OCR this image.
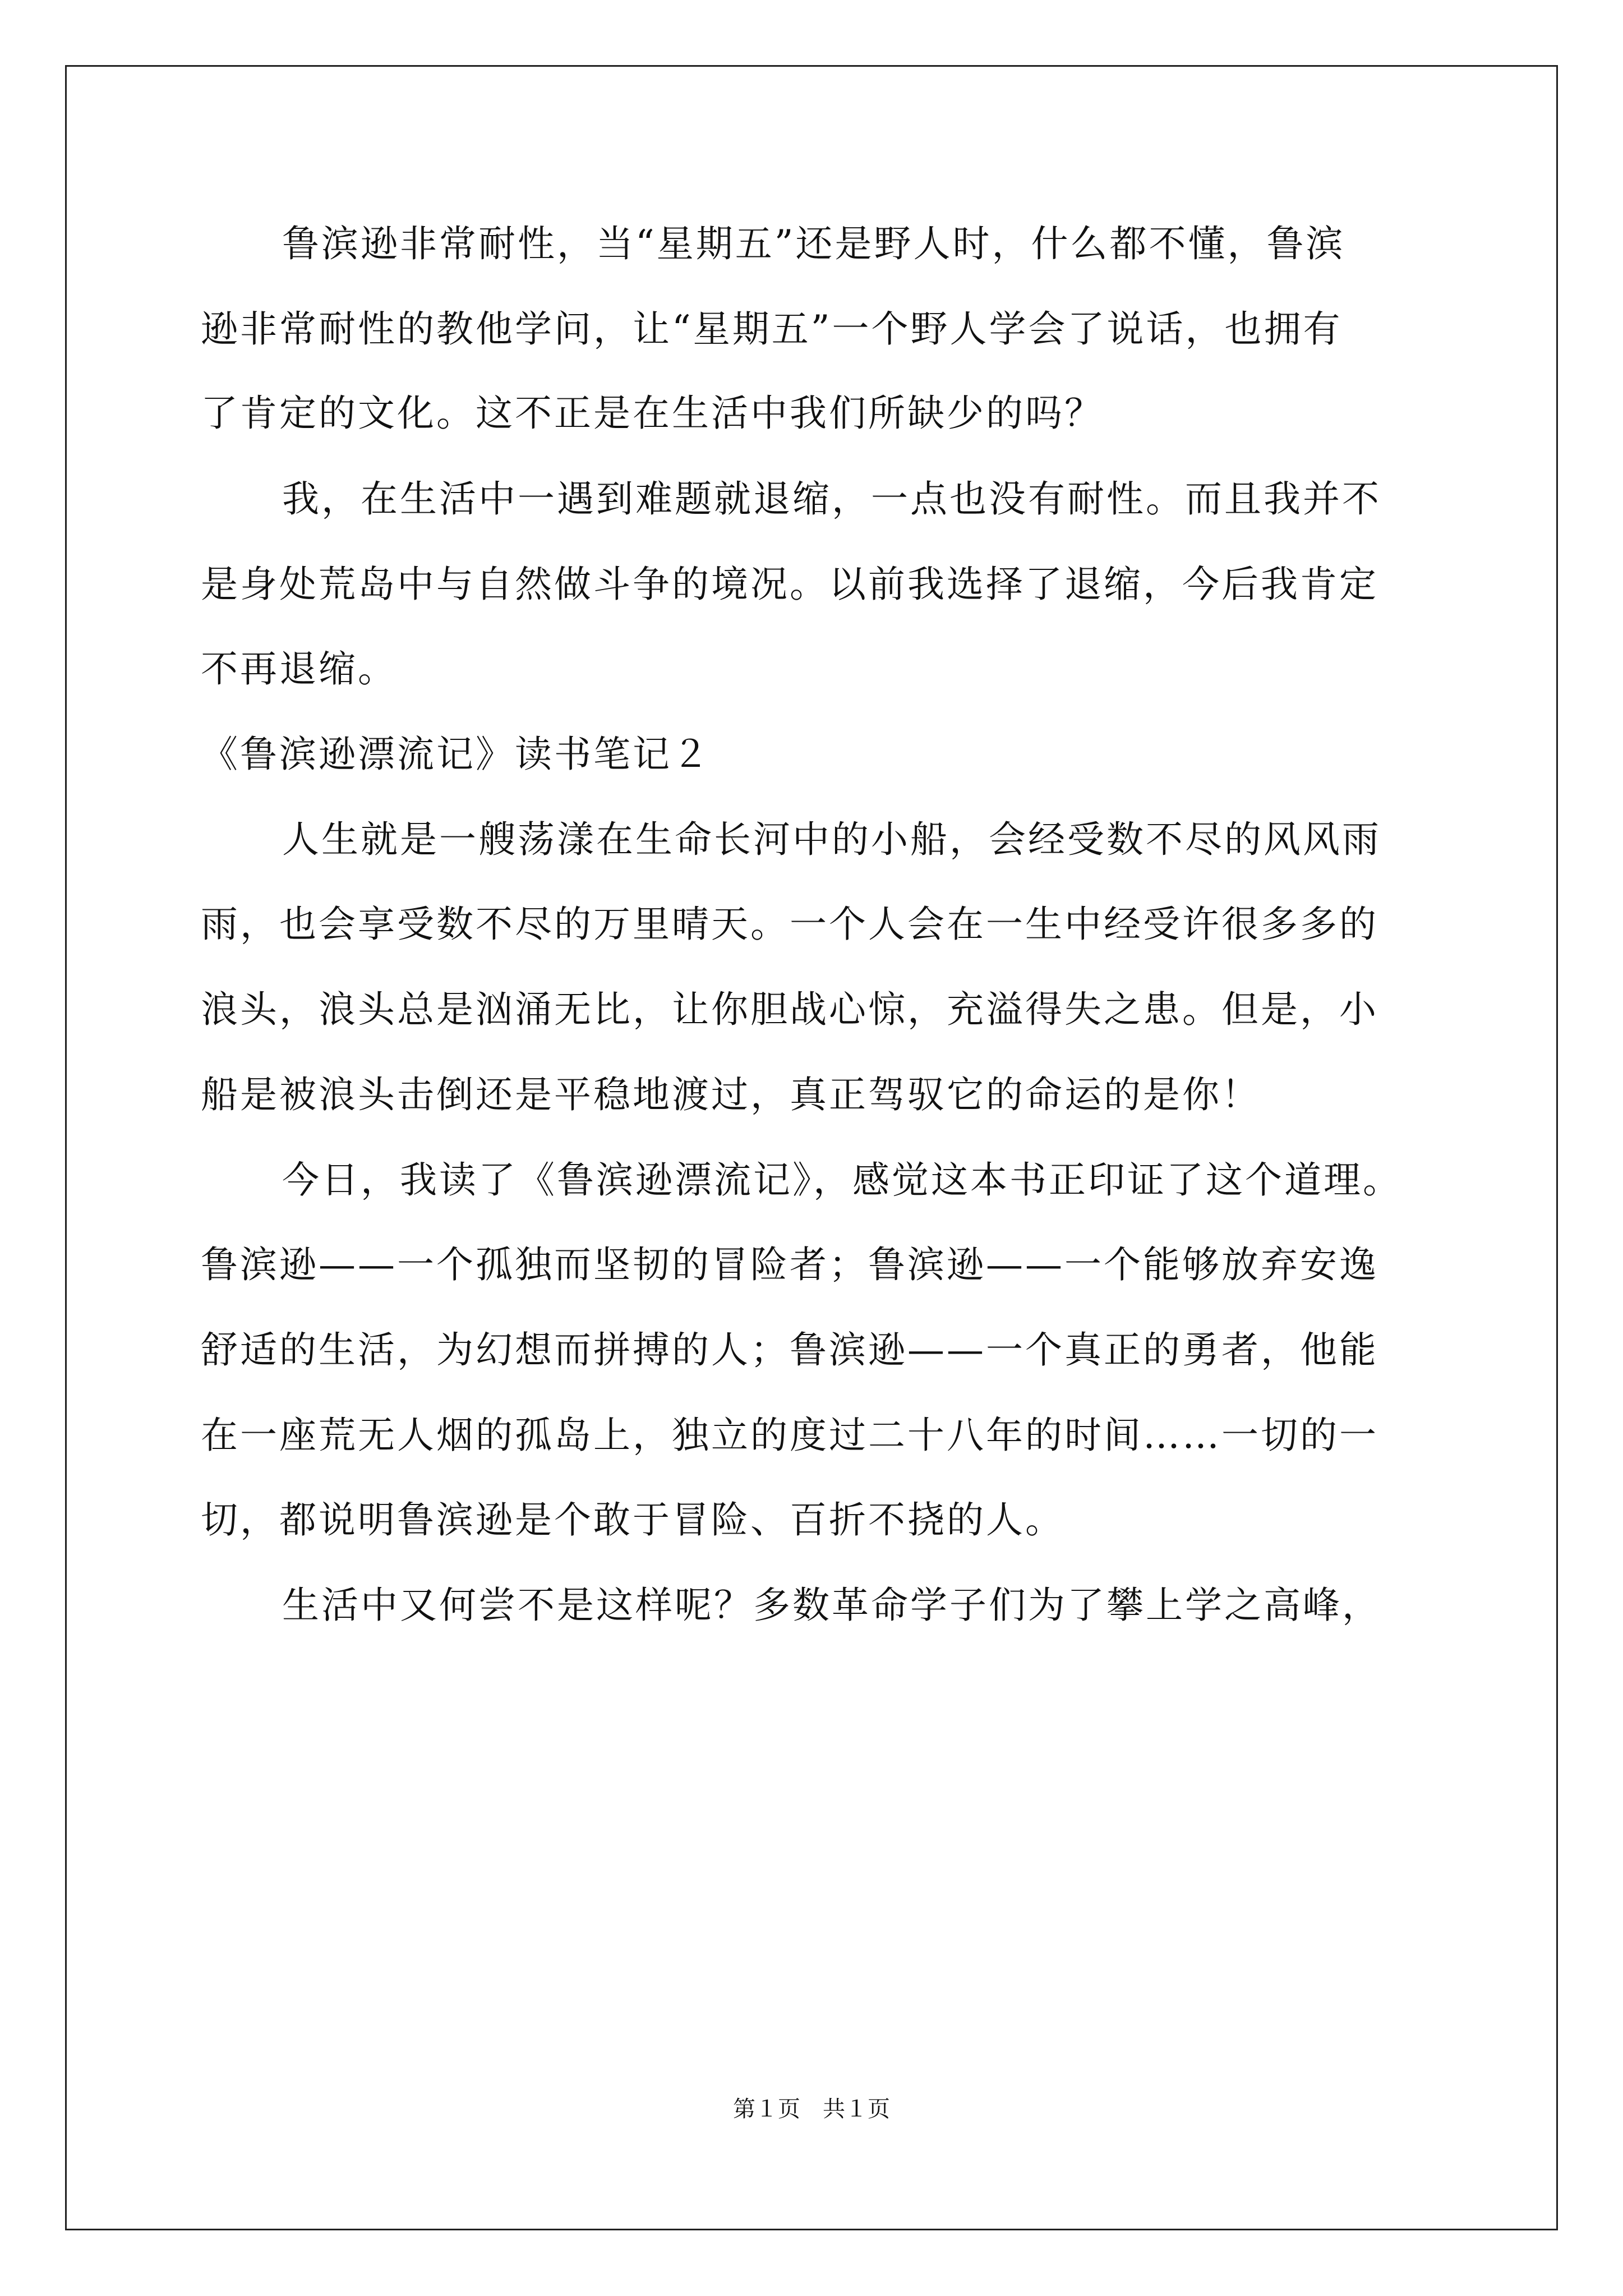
鲁滨逊非常耐性，当“星期五”还是野人时，什么都不懂，鲁滨
逊非常耐性的教他学问，让“星期五”一个野人学会了说话，也拥有
了肯定的文化。这不正是在生活中我们所缺少的吗？
我，在生活中一遇到难题就退缩，一点也没有耐性。而且我并不
是身处荒岛中与自然做斗争的境况。以前我选择了退缩，今后我肯定
不再退缩。
《鲁滨逊漂流记》读书笔记２
人生就是一艘荡漾在生命长河中的小船，会经受数不尽的风风雨
雨，也会享受数不尽的万里晴天。一个人会在一生中经受许很多多的
浪头，浪头总是汹涌无比，让你胆战心惊，充溢得失之患。但是，小
船是被浪头击倒还是平稳地渡过，真正驾驭它的命运的是你！
今日，我读了《鲁滨逊漂流记》，感觉这本书正印证了这个道理。
鲁滨逊——一个孤独而坚韧的冒险者；鲁滨逊——一个能够放弃安逸
舒适的生活，为幻想而拼搏的人；鲁滨逊——一个真正的勇者，他能
在一座荒无人烟的孤岛上，独立的度过二十八年的时间……一切的一
切，都说明鲁滨逊是个敢于冒险、百折不挠的人。
生活中又何尝不是这样呢？多数革命学子们为了攀上学之高峰，
第１页 共１页
